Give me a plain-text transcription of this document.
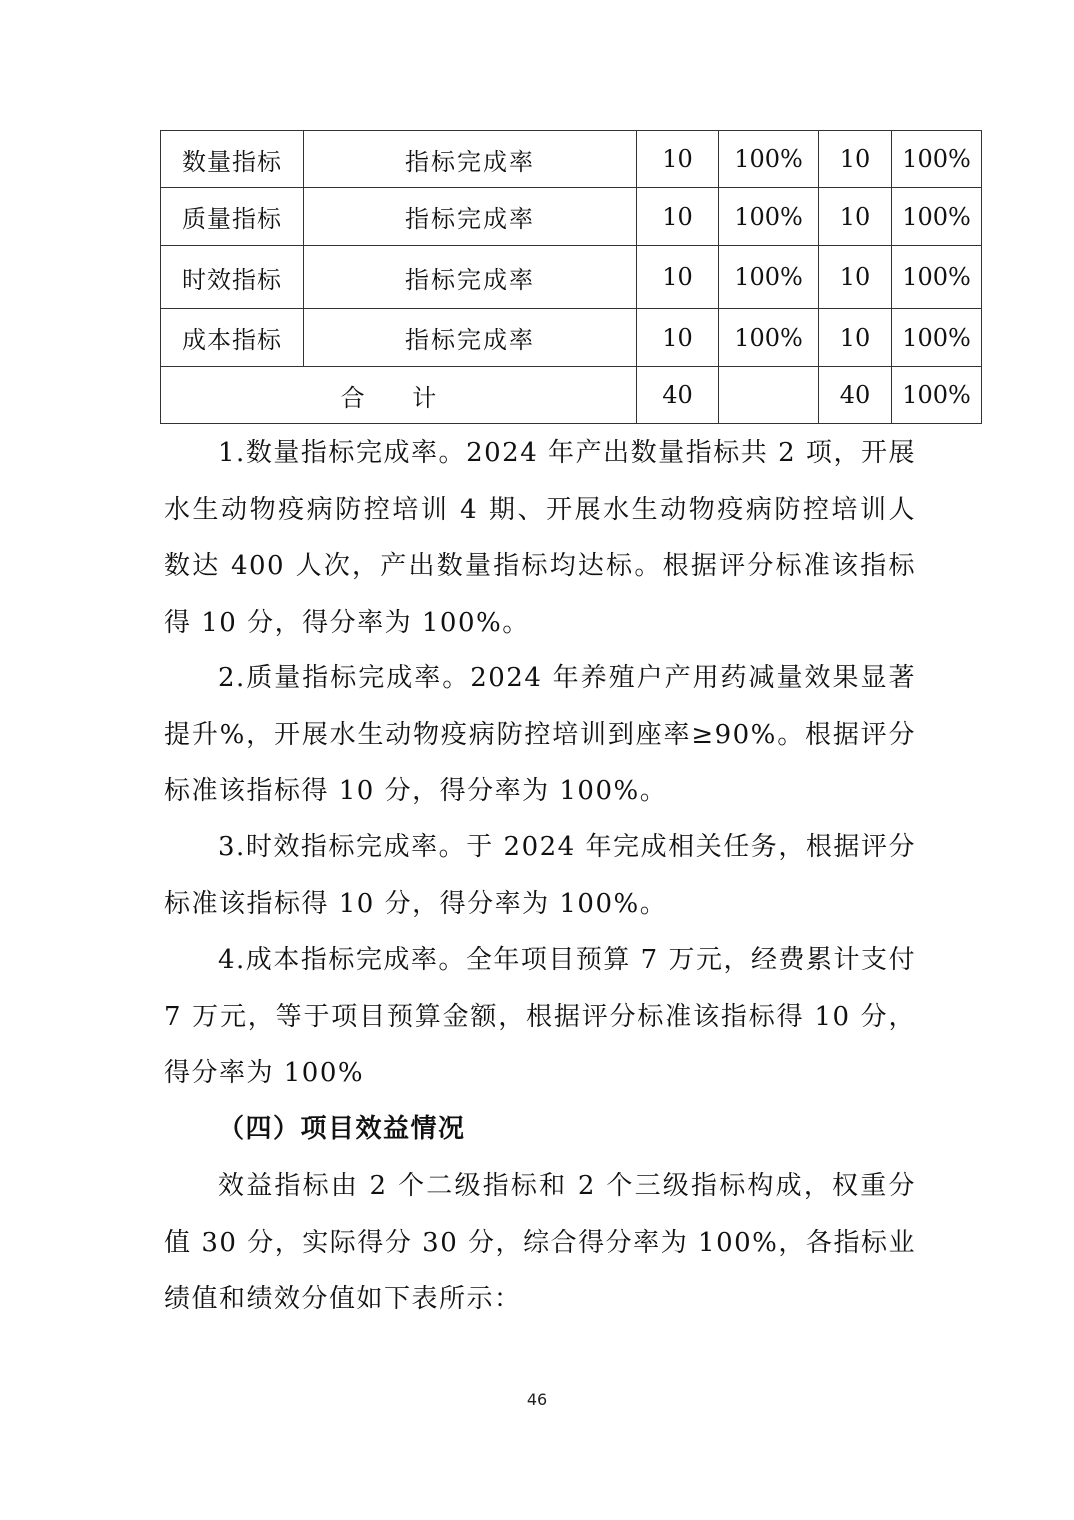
数量指标	指标完成率	10	100%	10	100%
质量指标	指标完成率	10	100%	10	100%
时效指标	指标完成率	10	100%	10	100%
成本指标	指标完成率	10	100%	10	100%
合 计		40		40	100%

1.数量指标完成率。2024 年产出数量指标共 2 项，开展水生动物疫病防控培训 4 期、开展水生动物疫病防控培训人数达 400 人次，产出数量指标均达标。根据评分标准该指标得 10 分，得分率为 100%。

2.质量指标完成率。2024 年养殖户产用药减量效果显著提升%，开展水生动物疫病防控培训到座率≥90%。根据评分标准该指标得 10 分，得分率为 100%。

3.时效指标完成率。于 2024 年完成相关任务，根据评分标准该指标得 10 分，得分率为 100%。

4.成本指标完成率。全年项目预算 7 万元，经费累计支付 7 万元，等于项目预算金额，根据评分标准该指标得 10 分，得分率为 100%

（四）项目效益情况

效益指标由 2 个二级指标和 2 个三级指标构成，权重分值 30 分，实际得分 30 分，综合得分率为 100%，各指标业绩值和绩效分值如下表所示：

46
